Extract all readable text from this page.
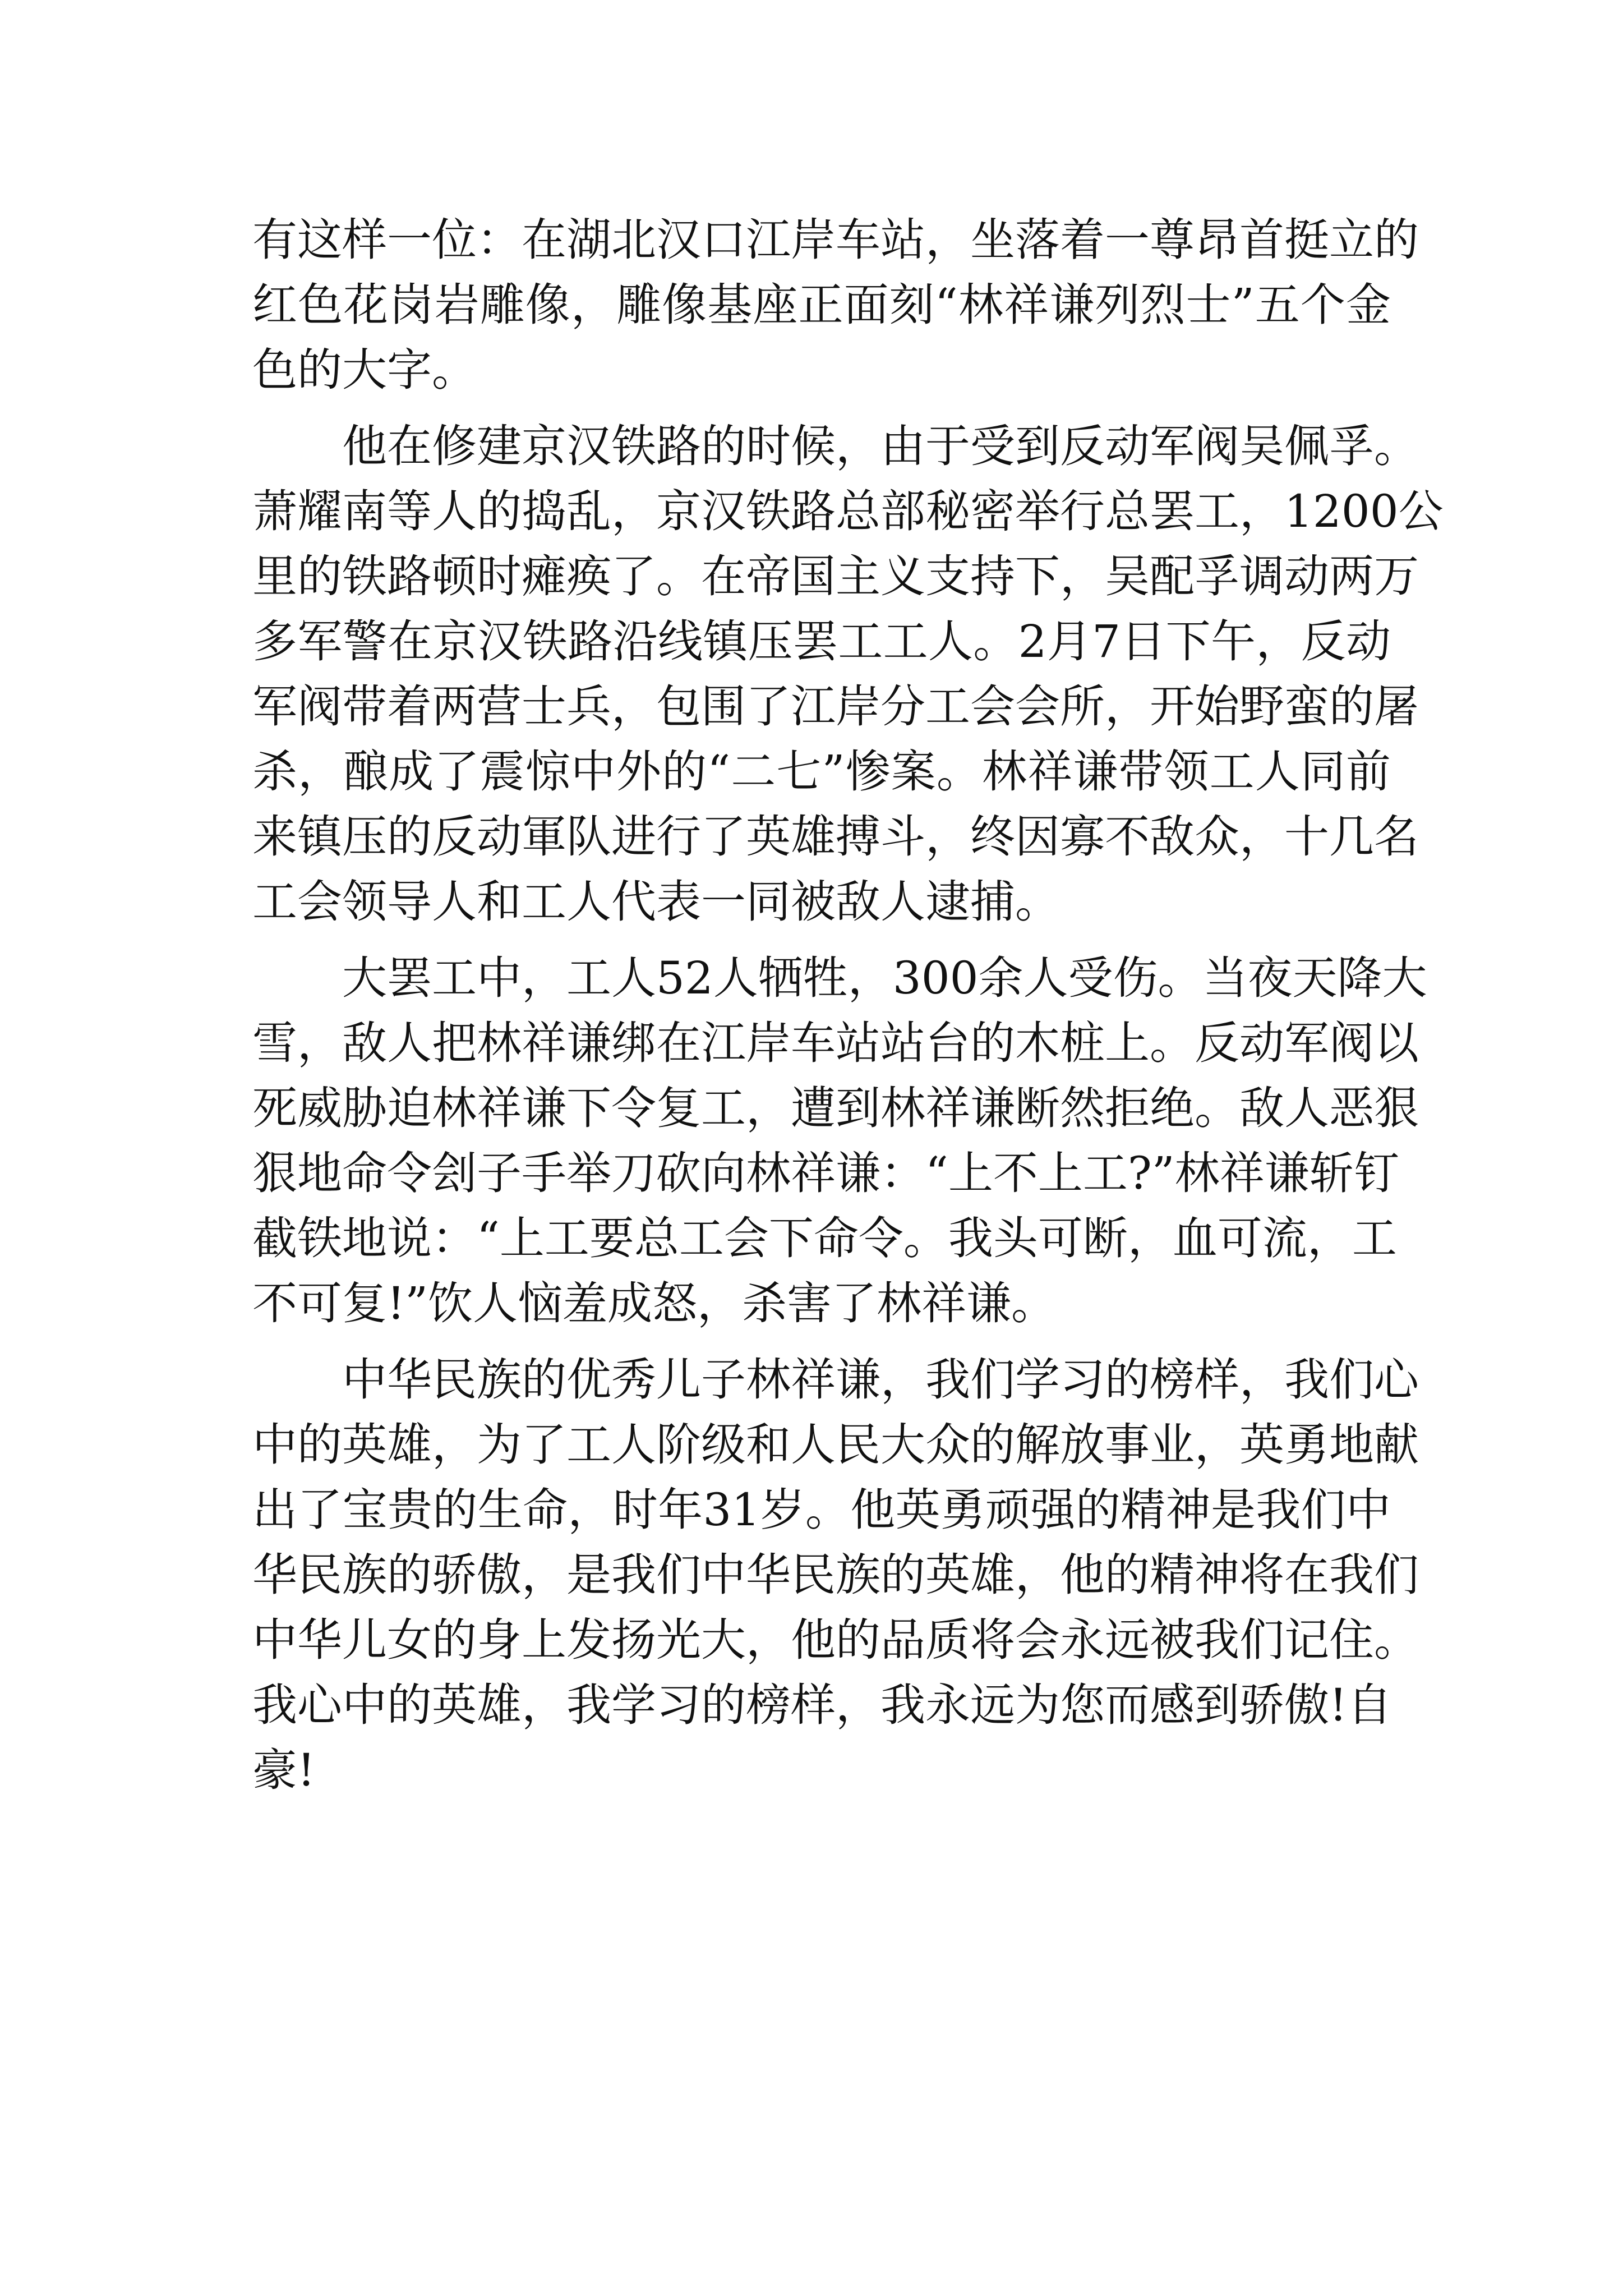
有这样一位：在湖北汉口江岸车站，坐落着一尊昂首挺立的
红色花岗岩雕像，雕像基座正面刻“林祥谦列烈士”五个金
色的大字。
他在修建京汉铁路的时候，由于受到反动军阀吴佩孚。
萧耀南等人的捣乱，京汉铁路总部秘密举行总罢工，1200公
里的铁路顿时瘫痪了。在帝国主义支持下，吴配孚调动两万
多军警在京汉铁路沿线镇压罢工工人。2月7日下午，反动
军阀带着两营士兵，包围了江岸分工会会所，开始野蛮的屠
杀，酿成了震惊中外的“二七”惨案。林祥谦带领工人同前
来镇压的反动軍队进行了英雄搏斗，终因寡不敌众，十几名
工会领导人和工人代表一同被敌人逮捕。
大罢工中，工人52人牺牲，300余人受伤。当夜天降大
雪，敌人把林祥谦绑在江岸车站站台的木桩上。反动军阀以
死威胁迫林祥谦下令复工，遭到林祥谦断然拒绝。敌人恶狠
狠地命令刽子手举刀砍向林祥谦：“上不上工?”林祥谦斩钉
截铁地说：“上工要总工会下命令。我头可断，血可流，工
不可复!”饮人恼羞成怒，杀害了林祥谦。
中华民族的优秀儿子林祥谦，我们学习的榜样，我们心
中的英雄，为了工人阶级和人民大众的解放事业，英勇地献
出了宝贵的生命，时年31岁。他英勇顽强的精神是我们中
华民族的骄傲，是我们中华民族的英雄，他的精神将在我们
中华儿女的身上发扬光大，他的品质将会永远被我们记住。
我心中的英雄，我学习的榜样，我永远为您而感到骄傲!自
豪!
